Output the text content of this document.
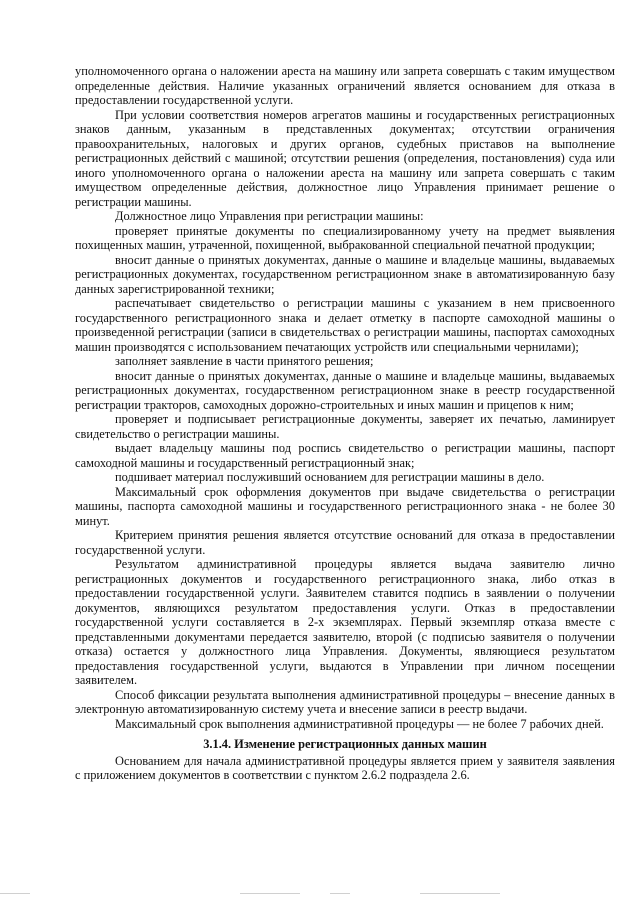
уполномоченного органа о наложении ареста на машину или запрета совершать с таким имуществом определенные действия. Наличие указанных ограничений является основанием для отказа в предоставлении государственной услуги.

При условии соответствия номеров агрегатов машины и государственных регистрационных знаков данным, указанным в представленных документах; отсутствии ограничения правоохранительных, налоговых и других органов, судебных приставов на выполнение регистрационных действий с машиной; отсутствии решения (определения, постановления) суда или иного уполномоченного органа о наложении ареста на машину или запрета совершать с таким имуществом определенные действия, должностное лицо Управления принимает решение о регистрации машины.

Должностное лицо Управления при регистрации машины:

проверяет принятые документы по специализированному учету на предмет выявления похищенных машин, утраченной, похищенной, выбракованной специальной печатной продукции;

вносит данные о принятых документах, данные о машине и владельце машины, выдаваемых регистрационных документах, государственном регистрационном знаке в автоматизированную базу данных зарегистрированной техники;

распечатывает свидетельство о регистрации машины с указанием в нем присвоенного государственного регистрационного знака и делает отметку в паспорте самоходной машины о произведенной регистрации (записи в свидетельствах о регистрации машины, паспортах самоходных машин производятся с использованием печатающих устройств или специальными чернилами);

заполняет заявление в части принятого решения;

вносит данные о принятых документах, данные о машине и владельце машины, выдаваемых регистрационных документах, государственном регистрационном знаке в реестр государственной регистрации тракторов, самоходных дорожно-строительных и иных машин и прицепов к ним;

проверяет и подписывает регистрационные документы, заверяет их печатью, ламинирует свидетельство о регистрации машины.

выдает владельцу машины под роспись свидетельство о регистрации машины, паспорт самоходной машины и государственный регистрационный знак;

подшивает материал послуживший основанием для регистрации машины в дело.

Максимальный срок оформления документов при выдаче свидетельства о регистрации машины, паспорта самоходной машины и государственного регистрационного знака - не более 30 минут.

Критерием принятия решения является отсутствие оснований для отказа в предоставлении государственной услуги.

Результатом административной процедуры является выдача заявителю лично регистрационных документов и государственного регистрационного знака, либо отказ в предоставлении государственной услуги. Заявителем ставится подпись в заявлении о получении документов, являющихся результатом предоставления услуги. Отказ в предоставлении государственной услуги составляется в 2-х экземплярах. Первый экземпляр отказа вместе с представленными документами передается заявителю, второй (с подписью заявителя о получении отказа) остается у должностного лица Управления. Документы, являющиеся результатом предоставления государственной услуги, выдаются в Управлении при личном посещении заявителем.

Способ фиксации результата выполнения административной процедуры – внесение данных в электронную автоматизированную систему учета и внесение записи в реестр выдачи.

Максимальный срок выполнения административной процедуры — не более 7 рабочих дней.

3.1.4. Изменение регистрационных данных машин

Основанием для начала административной процедуры является прием у заявителя заявления с приложением документов в соответствии с пунктом 2.6.2 подраздела 2.6.
